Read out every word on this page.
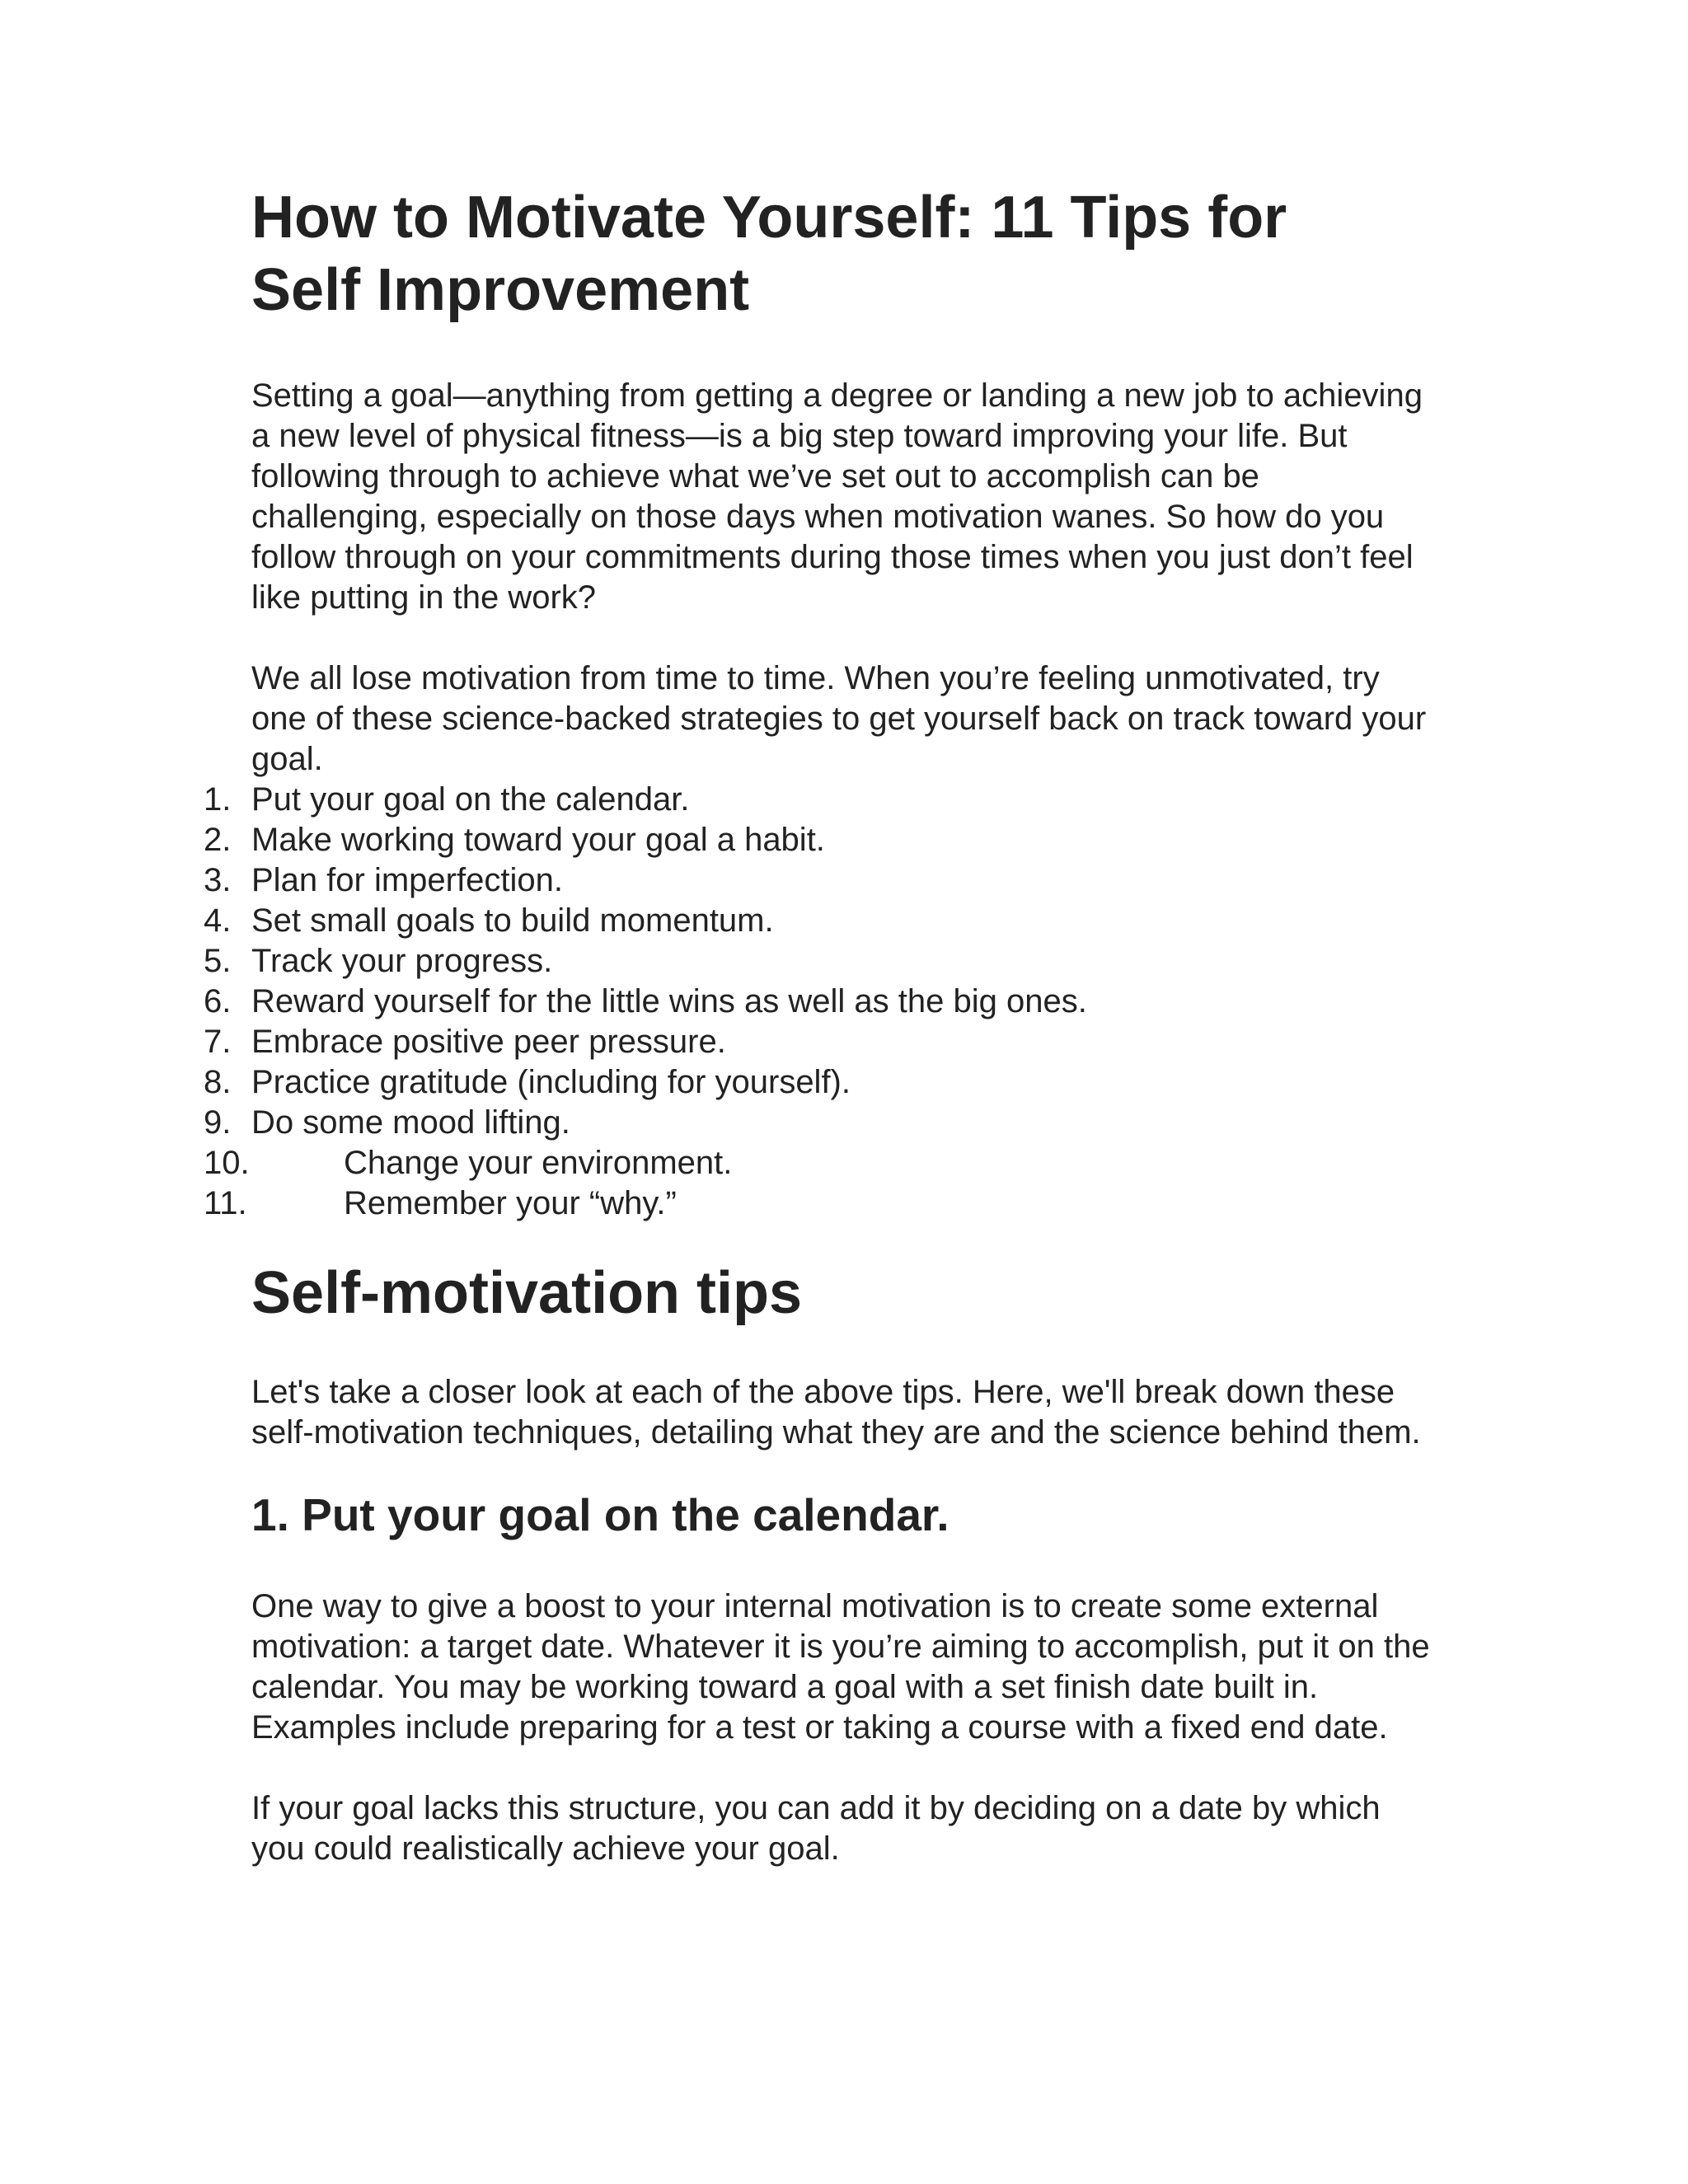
How to Motivate Yourself: 11 Tips for Self Improvement

Setting a goal—anything from getting a degree or landing a new job to achieving a new level of physical fitness—is a big step toward improving your life. But following through to achieve what we’ve set out to accomplish can be challenging, especially on those days when motivation wanes. So how do you follow through on your commitments during those times when you just don’t feel like putting in the work?

We all lose motivation from time to time. When you’re feeling unmotivated, try one of these science-backed strategies to get yourself back on track toward your goal.

1. Put your goal on the calendar.
2. Make working toward your goal a habit.
3. Plan for imperfection.
4. Set small goals to build momentum.
5. Track your progress.
6. Reward yourself for the little wins as well as the big ones.
7. Embrace positive peer pressure.
8. Practice gratitude (including for yourself).
9. Do some mood lifting.
10.	Change your environment.
11.	Remember your “why.”
Self-motivation tips

Let's take a closer look at each of the above tips. Here, we'll break down these self-motivation techniques, detailing what they are and the science behind them.

1. Put your goal on the calendar.

One way to give a boost to your internal motivation is to create some external motivation: a target date. Whatever it is you’re aiming to accomplish, put it on the calendar. You may be working toward a goal with a set finish date built in. Examples include preparing for a test or taking a course with a fixed end date.

If your goal lacks this structure, you can add it by deciding on a date by which you could realistically achieve your goal.
